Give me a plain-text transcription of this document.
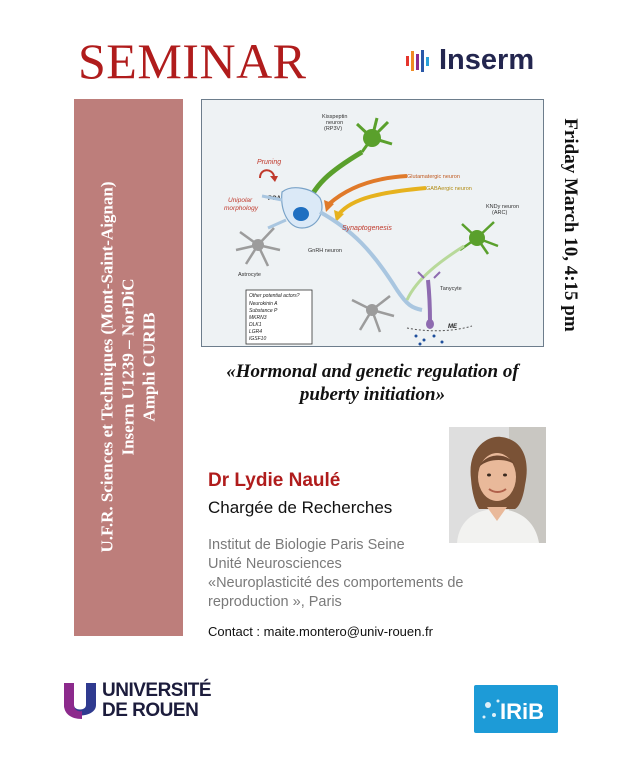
SEMINAR	Inserm
U.F.R. Sciences et Techniques (Mont-Saint-Aignan) Inserm U1239 – NorDiC Amphi CURIB
Kisspeptin
neuron
(RP3V)
Glutamatergic neuron
GABAergic neuron
Pruning
Unipolar
morphology
POA
GnRH neuron
Synaptogenesis
Astrocyte
KNDy neuron
(ARC)
Tanycyte
ME
Other potential actors?
Neurokinin A
Substance P
MKRN3
DLK1
LGR4
IGSF10
Friday March 10, 4:15 pm
«Hormonal and genetic regulation of puberty initiation»
Dr Lydie Naulé
Chargée de Recherches
Institut de Biologie Paris Seine
Unité Neurosciences
«Neuroplasticité des comportements de
reproduction », Paris
Contact : maite.montero@univ-rouen.fr
UNIVERSITÉ
DE ROUEN	IRiB
